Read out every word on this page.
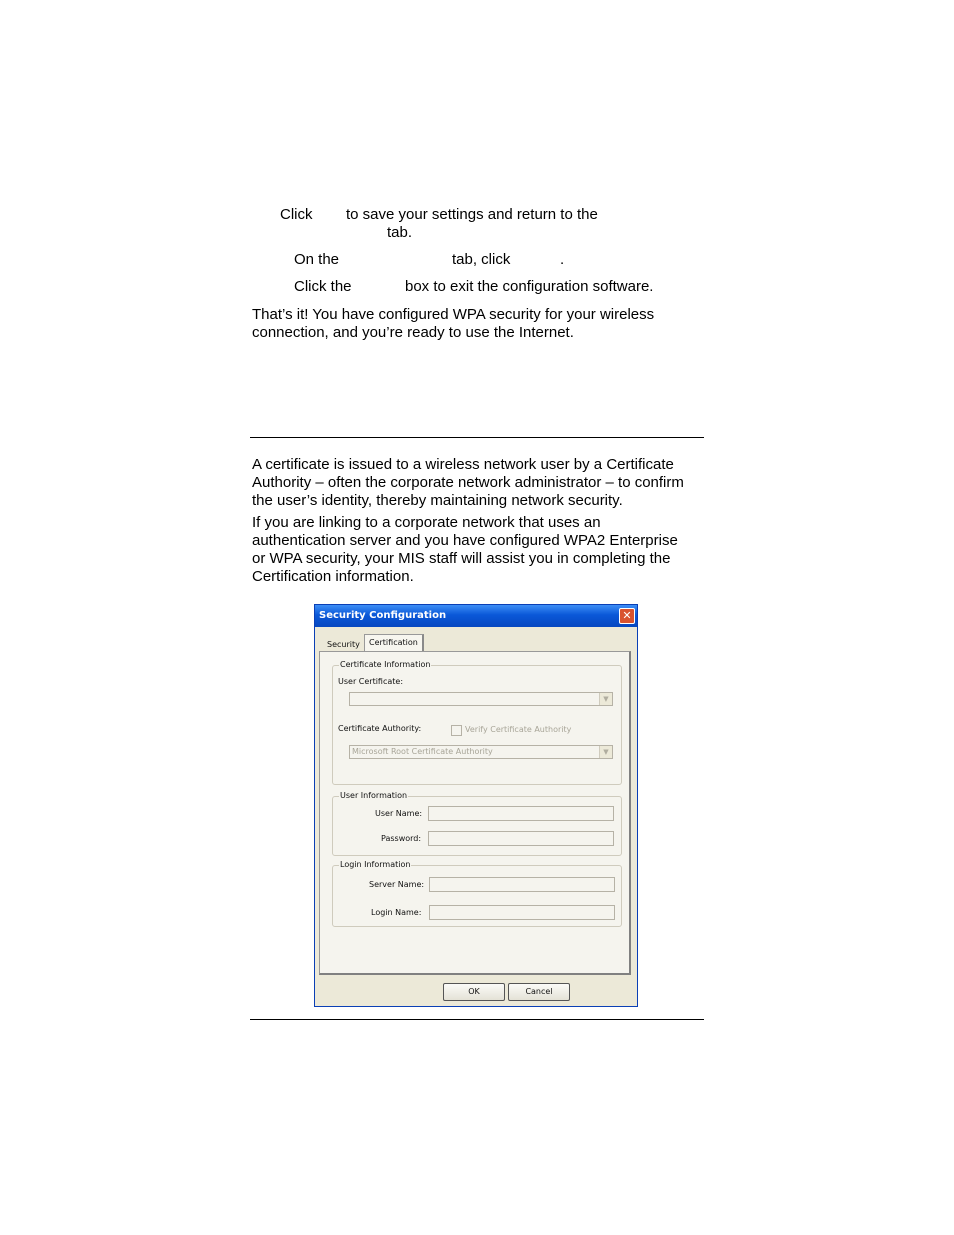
Click to save your settings and return to the
tab.
On the	tab, click	.
Click the	box to exit the configuration software.
That’s it! You have configured WPA security for your wireless
connection, and you’re ready to use the Internet.
A certificate is issued to a wireless network user by a Certificate
Authority – often the corporate network administrator – to confirm
the user’s identity, thereby maintaining network security.
If you are linking to a corporate network that uses an
authentication server and you have configured WPA2 Enterprise
or WPA security, your MIS staff will assist you in completing the
Certification information.
Security Configuration	✕
Security	Certification
Certificate Information
User Certificate:
▼
Certificate Authority:	Verify Certificate Authority
Microsoft Root Certificate Authority	▼
User Information
User Name:
Password:
Login Information
Server Name:
Login Name:
OK	Cancel
